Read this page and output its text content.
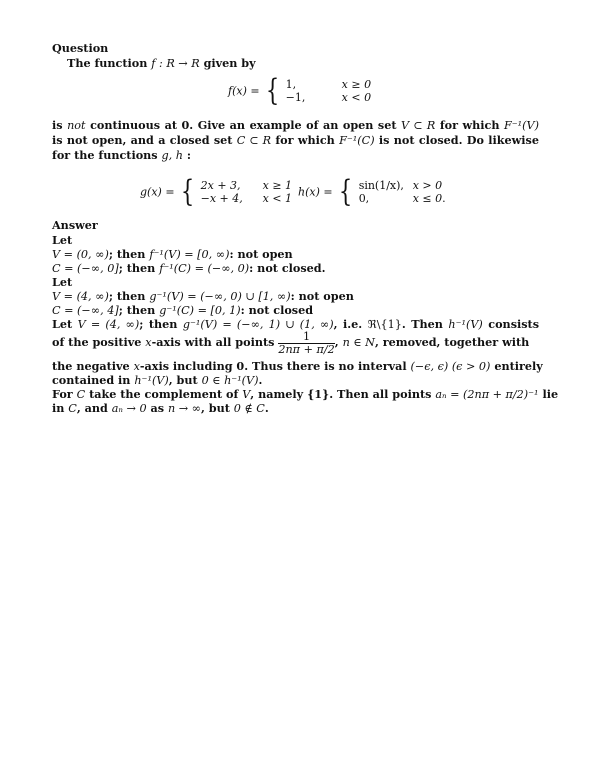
Question
The function f : R → R given by
f(x) = { 1,	x ≥ 0
−1,	x < 0
is not continuous at 0. Give an example of an open set V ⊂ R for which F⁻¹(V)
is not open, and a closed set C ⊂ R for which F⁻¹(C) is not closed. Do likewise
for the functions g, h :
g(x) = { 2x + 3, x ≥ 1
−x + 4, x < 1 h(x) = { sin(1/x), x > 0
0,	x ≤ 0.
Answer
Let
V = (0, ∞); then f⁻¹(V) = [0, ∞): not open
C = (−∞, 0]; then f⁻¹(C) = (−∞, 0): not closed.
Let
V = (4, ∞); then g⁻¹(V) = (−∞, 0) ∪ [1, ∞): not open
C = (−∞, 4]; then g⁻¹(C) = [0, 1): not closed
Let V = (4, ∞); then g⁻¹(V) = (−∞, 1) ∪ (1, ∞), i.e. ℜ\{1}. Then h⁻¹(V) consists
of the positive x-axis with all points $\frac{1}{2n\pi + \pi/2}$ , n ∈ N, removed, together with
the negative x-axis including 0. Thus there is no interval (−ϵ, ϵ) (ϵ > 0) entirely
contained in h⁻¹(V), but 0 ∈ h⁻¹(V).
For C take the complement of V, namely {1}. Then all points aₙ = (2nπ + π/2)⁻¹ lie
in C, and aₙ → 0 as n → ∞, but 0 ∉ C.
